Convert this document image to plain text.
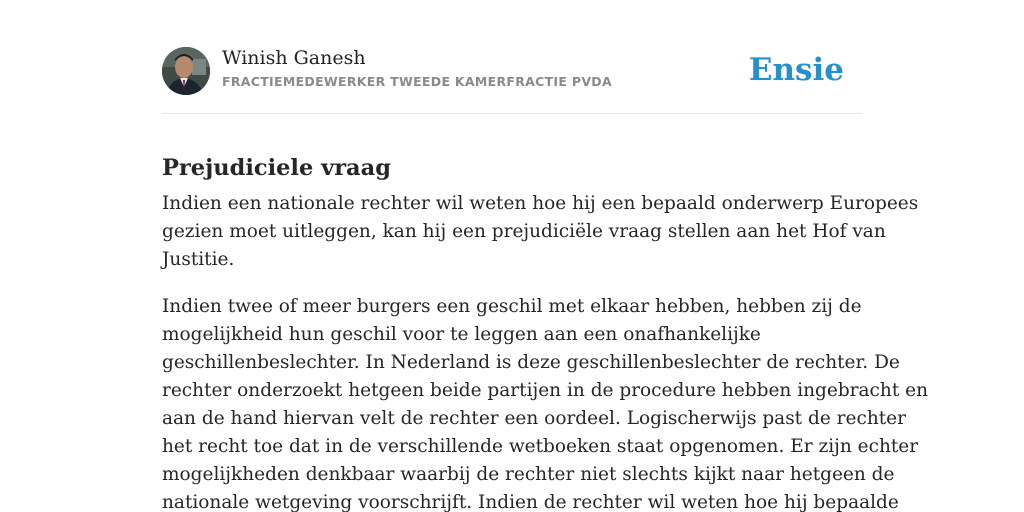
Winish Ganesh
FRACTIEMEDEWERKER TWEEDE KAMERFRACTIE PVDA	Ensie
Prejudiciele vraag

Indien een nationale rechter wil weten hoe hij een bepaald onderwerp Europees
gezien moet uitleggen, kan hij een prejudiciële vraag stellen aan het Hof van
Justitie.

Indien twee of meer burgers een geschil met elkaar hebben, hebben zij de
mogelijkheid hun geschil voor te leggen aan een onafhankelijke
geschillenbeslechter. In Nederland is deze geschillenbeslechter de rechter. De
rechter onderzoekt hetgeen beide partijen in de procedure hebben ingebracht en
aan de hand hiervan velt de rechter een oordeel. Logischerwijs past de rechter
het recht toe dat in de verschillende wetboeken staat opgenomen. Er zijn echter
mogelijkheden denkbaar waarbij de rechter niet slechts kijkt naar hetgeen de
nationale wetgeving voorschrijft. Indien de rechter wil weten hoe hij bepaalde
